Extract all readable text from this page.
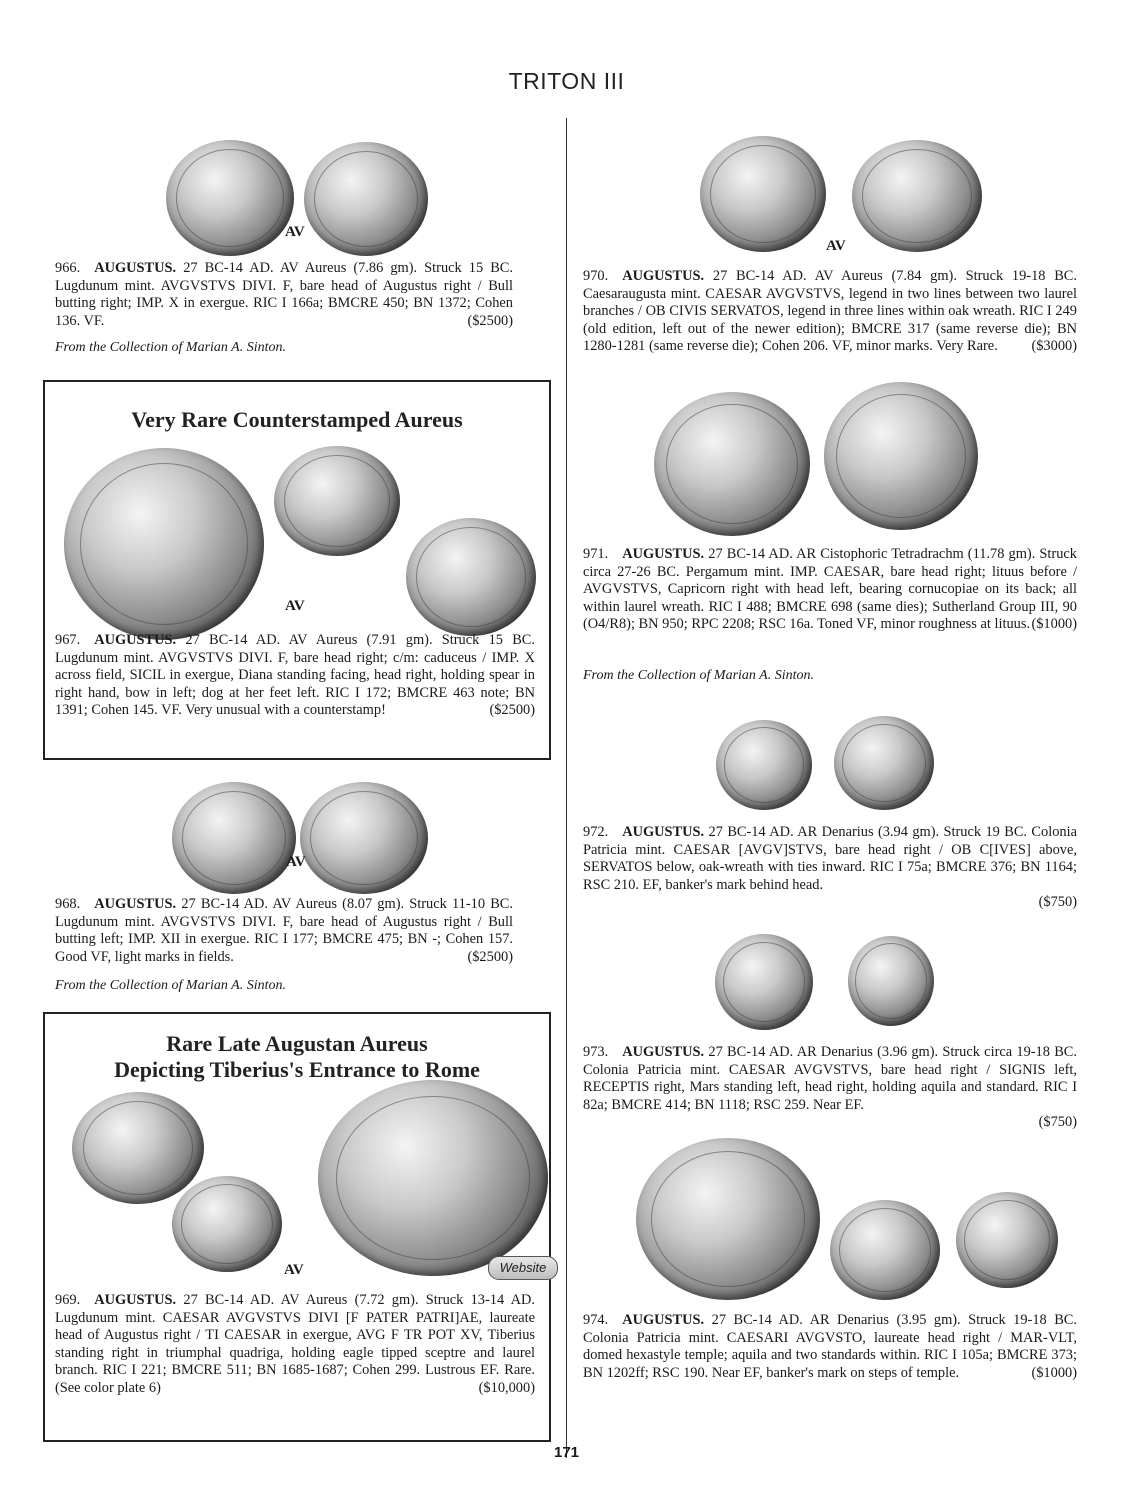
TRITON III
AV
966. AUGUSTUS. 27 BC-14 AD. AV Aureus (7.86 gm). Struck 15 BC. Lugdunum mint. AVGVSTVS DIVI. F, bare head of Augustus right / Bull butting right; IMP. X in exergue. RIC I 166a; BMCRE 450; BN 1372; Cohen 136. VF.	($2500)
From the Collection of Marian A. Sinton.
Very Rare Counterstamped Aureus
AV
967. AUGUSTUS. 27 BC-14 AD. AV Aureus (7.91 gm). Struck 15 BC. Lugdunum mint. AVGVSTVS DIVI. F, bare head right; c/m: caduceus / IMP. X across field, SICIL in exergue, Diana standing facing, head right, holding spear in right hand, bow in left; dog at her feet left. RIC I 172; BMCRE 463 note; BN 1391; Cohen 145. VF. Very unusual with a counterstamp!	($2500)
AV
968. AUGUSTUS. 27 BC-14 AD. AV Aureus (8.07 gm). Struck 11-10 BC. Lugdunum mint. AVGVSTVS DIVI. F, bare head of Augustus right / Bull butting left; IMP. XII in exergue. RIC I 177; BMCRE 475; BN -; Cohen 157. Good VF, light marks in fields.	($2500)
From the Collection of Marian A. Sinton.
Rare Late Augustan Aureus
Depicting Tiberius's Entrance to Rome
AV	Website
969. AUGUSTUS. 27 BC-14 AD. AV Aureus (7.72 gm). Struck 13-14 AD. Lugdunum mint. CAESAR AVGVSTVS DIVI [F PATER PATRI]AE, laureate head of Augustus right / TI CAESAR in exergue, AVG F TR POT XV, Tiberius standing right in triumphal quadriga, holding eagle tipped sceptre and laurel branch. RIC I 221; BMCRE 511; BN 1685-1687; Cohen 299. Lustrous EF. Rare. (See color plate 6)	($10,000)
AV
970. AUGUSTUS. 27 BC-14 AD. AV Aureus (7.84 gm). Struck 19-18 BC. Caesaraugusta mint. CAESAR AVGVSTVS, legend in two lines between two laurel branches / OB CIVIS SERVATOS, legend in three lines within oak wreath. RIC I 249 (old edition, left out of the newer edition); BMCRE 317 (same reverse die); BN 1280-1281 (same reverse die); Cohen 206. VF, minor marks. Very Rare. ($3000)
971. AUGUSTUS. 27 BC-14 AD. AR Cistophoric Tetradrachm (11.78 gm). Struck circa 27-26 BC. Pergamum mint. IMP. CAESAR, bare head right; lituus before / AVGVSTVS, Capricorn right with head left, bearing cornucopiae on its back; all within laurel wreath. RIC I 488; BMCRE 698 (same dies); Sutherland Group III, 90 (O4/R8); BN 950; RPC 2208; RSC 16a. Toned VF, minor roughness at lituus. ($1000)
From the Collection of Marian A. Sinton.
972. AUGUSTUS. 27 BC-14 AD. AR Denarius (3.94 gm). Struck 19 BC. Colonia Patricia mint. CAESAR [AVGV]STVS, bare head right / OB C[IVES] above, SERVATOS below, oak-wreath with ties inward. RIC I 75a; BMCRE 376; BN 1164; RSC 210. EF, banker's mark behind head.
($750)
973. AUGUSTUS. 27 BC-14 AD. AR Denarius (3.96 gm). Struck circa 19-18 BC. Colonia Patricia mint. CAESAR AVGVSTVS, bare head right / SIGNIS left, RECEPTIS right, Mars standing left, head right, holding aquila and standard. RIC I 82a; BMCRE 414; BN 1118; RSC 259. Near EF.
($750)
974. AUGUSTUS. 27 BC-14 AD. AR Denarius (3.95 gm). Struck 19-18 BC. Colonia Patricia mint. CAESARI AVGVSTO, laureate head right / MAR-VLT, domed hexastyle temple; aquila and two standards within. RIC I 105a; BMCRE 373; BN 1202ff; RSC 190. Near EF, banker's mark on steps of temple.	($1000)
171
